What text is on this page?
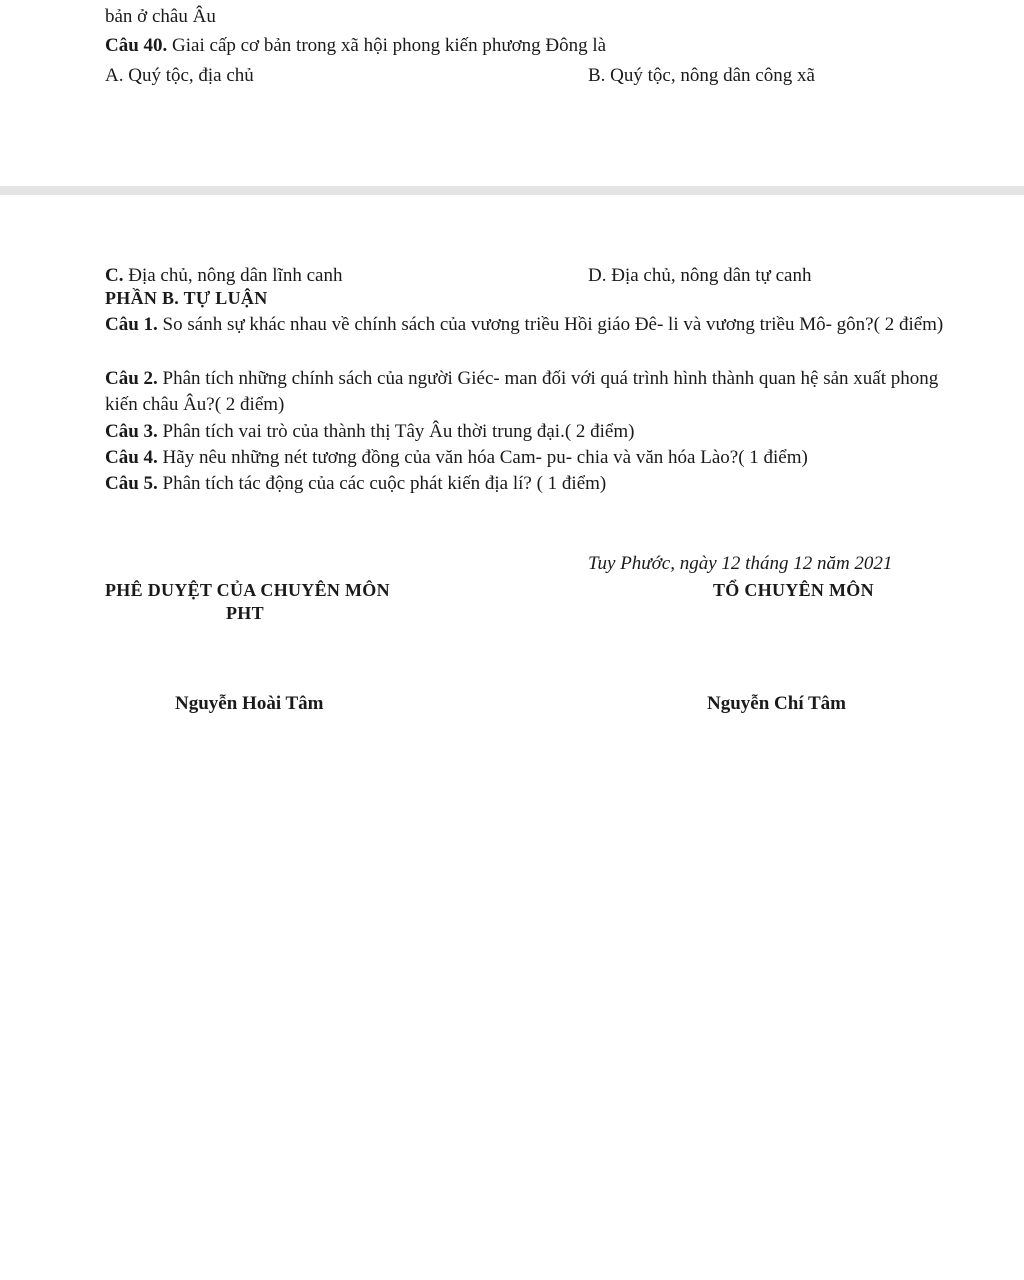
bản ở châu Âu
Câu 40. Giai cấp cơ bản trong xã hội phong kiến phương Đông là
A. Quý tộc, địa chủ	B. Quý tộc, nông dân công xã
C. Địa chủ, nông dân lĩnh canh	D. Địa chủ, nông dân tự canh
PHẦN B. TỰ LUẬN
Câu 1. So sánh sự khác nhau về chính sách của vương triều Hồi giáo Đê- li và vương triều Mô- gôn?( 2 điểm)
Câu 2. Phân tích những chính sách của người Giéc- man đối với quá trình hình thành quan hệ sản xuất phong kiến châu Âu?( 2 điểm)
Câu 3. Phân tích vai trò của thành thị Tây Âu thời trung đại.( 2 điểm)
Câu 4. Hãy nêu những nét tương đồng của văn hóa Cam- pu- chia và văn hóa Lào?( 1 điểm)
Câu 5. Phân tích tác động của các cuộc phát kiến địa lí? ( 1 điểm)
Tuy Phước, ngày 12 tháng 12 năm 2021
PHÊ DUYỆT CỦA CHUYÊN MÔN	TỔ CHUYÊN MÔN
PHT
Nguyễn Hoài Tâm	Nguyễn Chí Tâm
